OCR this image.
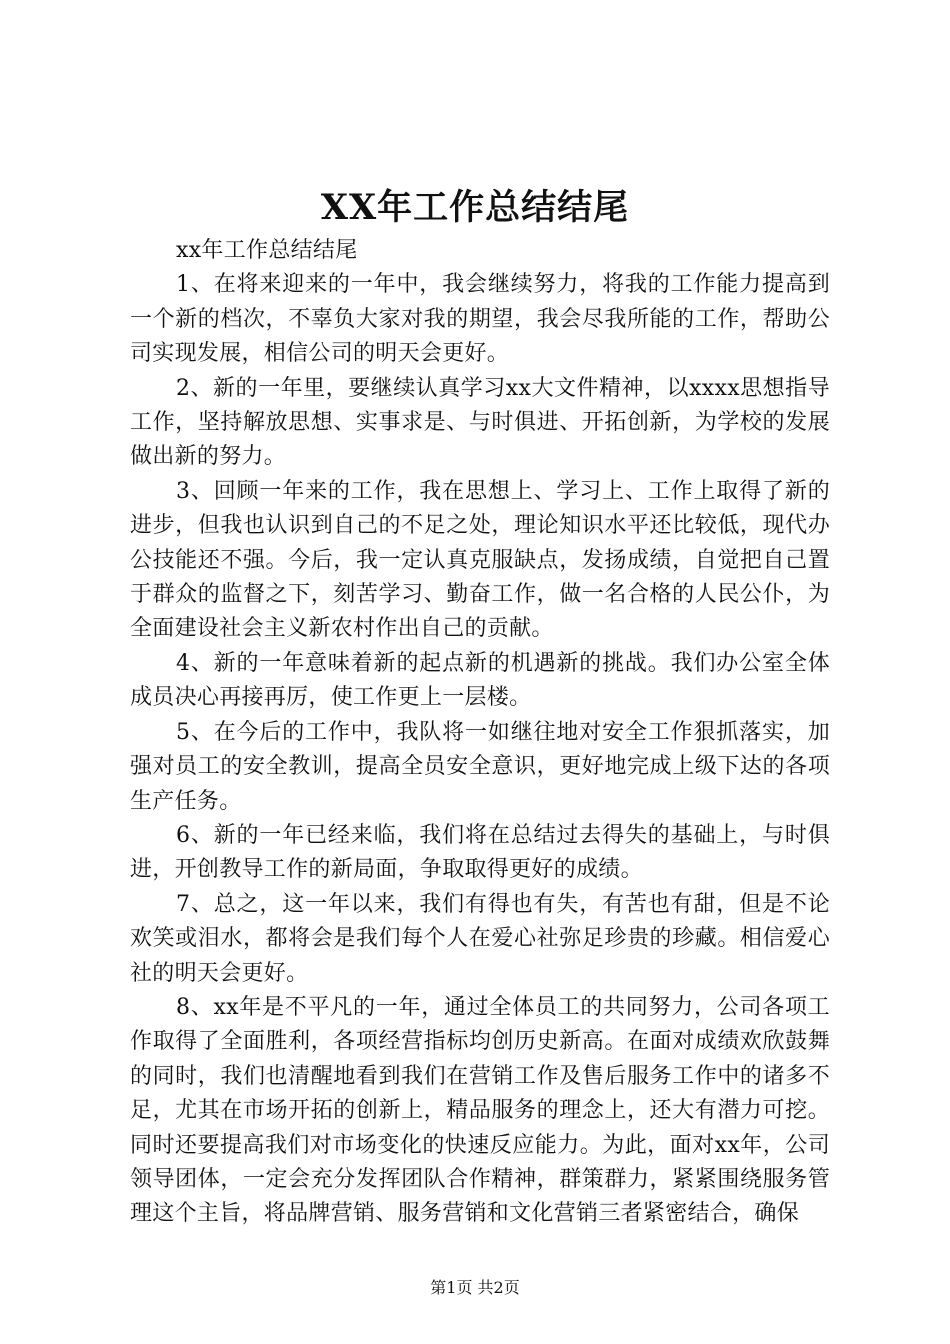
XX年工作总结结尾

xx年工作总结结尾

1、在将来迎来的一年中，我会继续努力，将我的工作能力提高到一个新的档次，不辜负大家对我的期望，我会尽我所能的工作，帮助公司实现发展，相信公司的明天会更好。

2、新的一年里，要继续认真学习xx大文件精神，以xxxx思想指导工作，坚持解放思想、实事求是、与时俱进、开拓创新，为学校的发展做出新的努力。

3、回顾一年来的工作，我在思想上、学习上、工作上取得了新的进步，但我也认识到自己的不足之处，理论知识水平还比较低，现代办公技能还不强。今后，我一定认真克服缺点，发扬成绩，自觉把自己置于群众的监督之下，刻苦学习、勤奋工作，做一名合格的人民公仆，为全面建设社会主义新农村作出自己的贡献。

4、新的一年意味着新的起点新的机遇新的挑战。我们办公室全体成员决心再接再厉，使工作更上一层楼。

5、在今后的工作中，我队将一如继往地对安全工作狠抓落实，加强对员工的安全教训，提高全员安全意识，更好地完成上级下达的各项生产任务。

6、新的一年已经来临，我们将在总结过去得失的基础上，与时俱进，开创教导工作的新局面，争取取得更好的成绩。

7、总之，这一年以来，我们有得也有失，有苦也有甜，但是不论欢笑或泪水，都将会是我们每个人在爱心社弥足珍贵的珍藏。相信爱心社的明天会更好。

8、xx年是不平凡的一年，通过全体员工的共同努力，公司各项工作取得了全面胜利，各项经营指标均创历史新高。在面对成绩欢欣鼓舞的同时，我们也清醒地看到我们在营销工作及售后服务工作中的诸多不足，尤其在市场开拓的创新上，精品服务的理念上，还大有潜力可挖。同时还要提高我们对市场变化的快速反应能力。为此，面对xx年，公司领导团体，一定会充分发挥团队合作精神，群策群力，紧紧围绕服务管理这个主旨，将品牌营销、服务营销和文化营销三者紧密结合，确保

第1页 共2页
